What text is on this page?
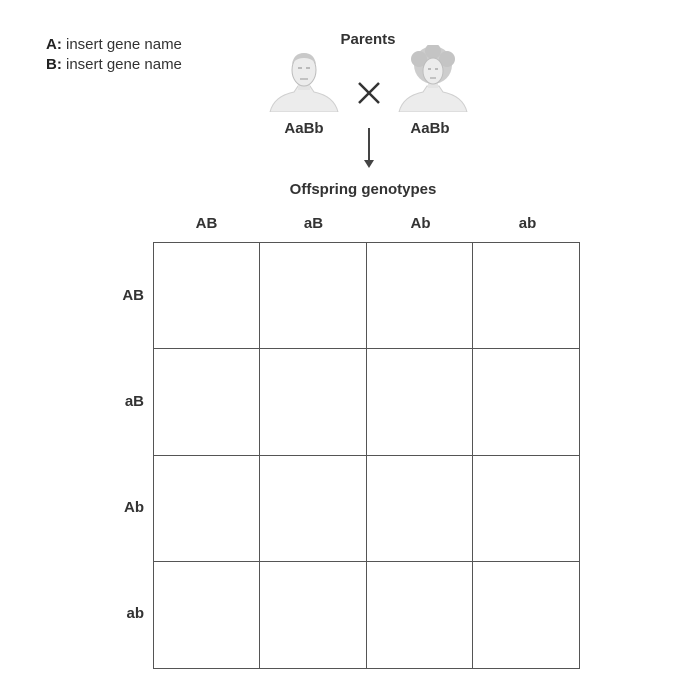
A: insert gene name
B: insert gene name
Parents
AaBb	AaBb
Offspring genotypes
AB	aB	Ab	ab
AB
aB
Ab
ab
